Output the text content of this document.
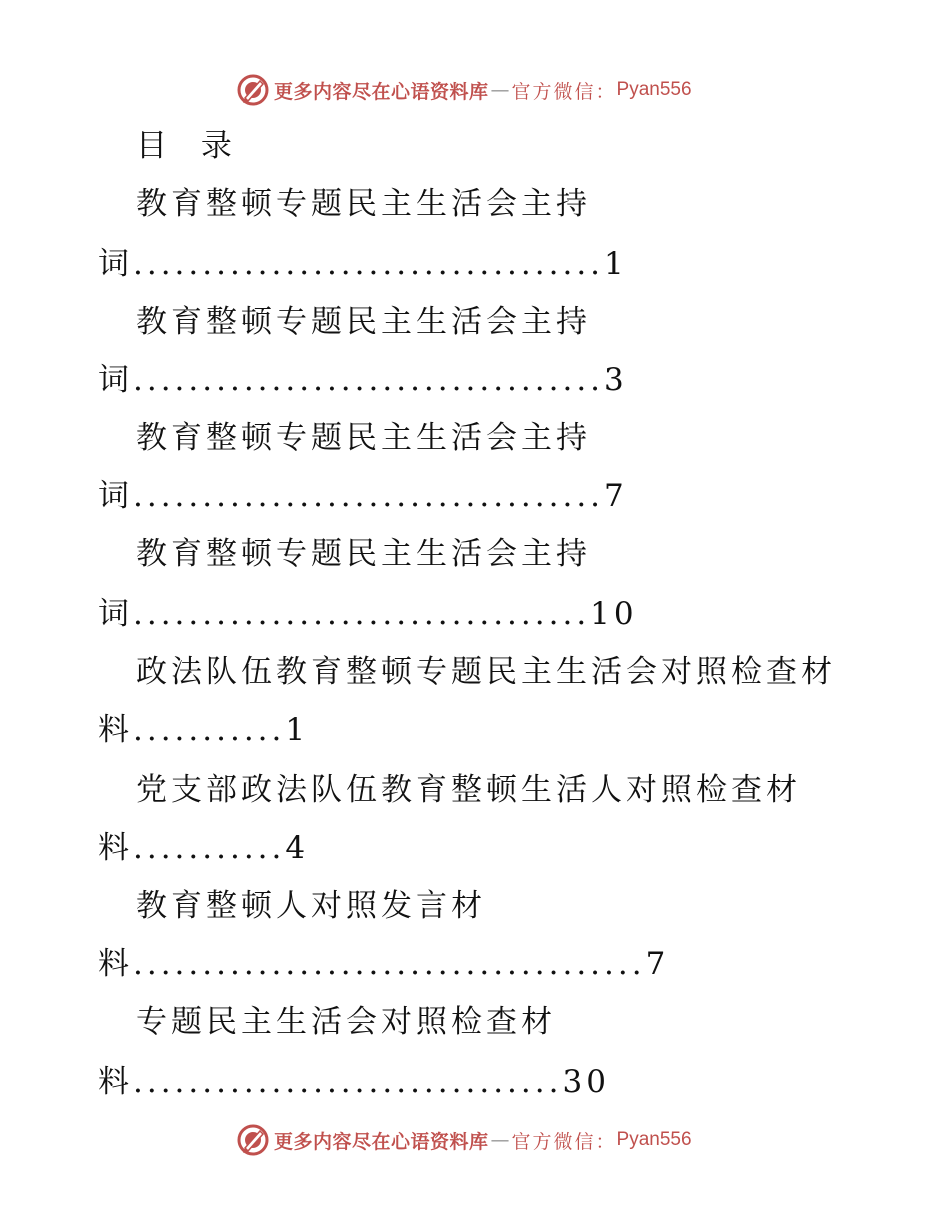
更多内容尽在心语资料库 — 官方微信： Pyan556
目 录
教育整顿专题民主生活会主持
词..................................1
教育整顿专题民主生活会主持
词..................................3
教育整顿专题民主生活会主持
词..................................7
教育整顿专题民主生活会主持
词.................................10
政法队伍教育整顿专题民主生活会对照检查材
料...........1
党支部政法队伍教育整顿生活人对照检查材
料...........4
教育整顿人对照发言材
料.....................................7
专题民主生活会对照检查材
料...............................30
更多内容尽在心语资料库 — 官方微信： Pyan556
